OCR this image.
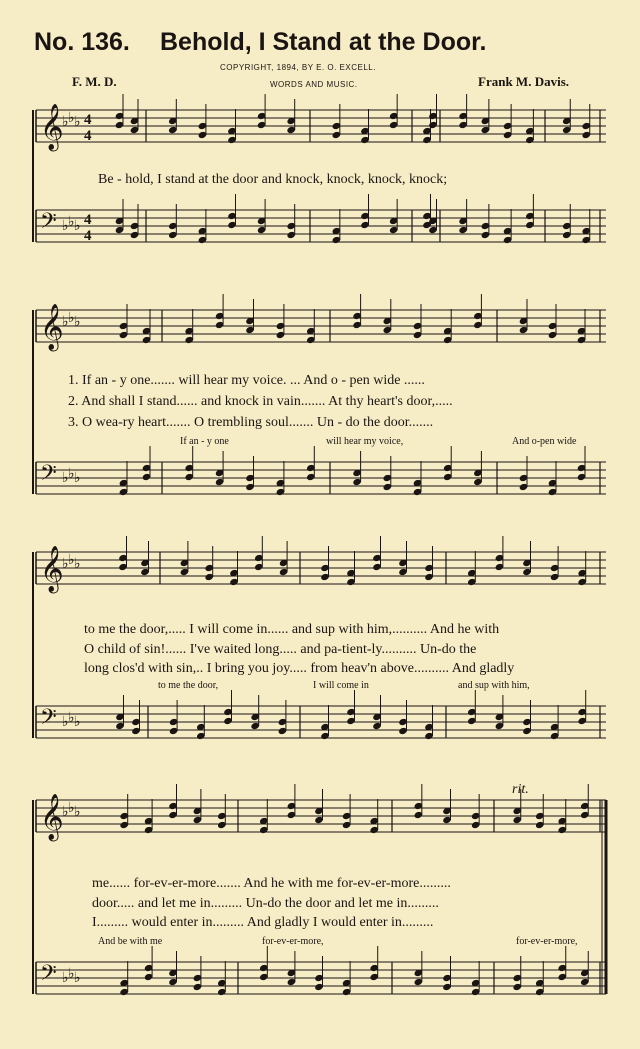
No. 136. Behold, I Stand at the Door.
COPYRIGHT, 1894, BY E. O. EXCELL.
WORDS AND MUSIC.
F. M. D.	Frank M. Davis.
𝄞
♭ ♭ ♭ 4
4
𝄢 ♭ ♭ ♭ 4
4
𝄞
♭ ♭ ♭
𝄢 ♭ ♭ ♭
𝄞
♭ ♭ ♭
𝄢 ♭ ♭ ♭
𝄞
♭ ♭ ♭
𝄢 ♭ ♭ ♭
Be - hold, I stand at the door and knock, knock, knock, knock;
1. If an - y one....... will hear my voice. ... And o - pen wide ......
2. And shall I stand...... and knock in vain....... At thy heart's door,.....
3. O wea-ry heart....... O trembling soul....... Un - do the door.......
If an - y one	will hear my voice,	And o-pen wide
to me the door,..... I will come in...... and sup with him,.......... And he with
O child of sin!...... I've waited long..... and pa-tient-ly.......... Un-do the
long clos'd with sin,.. I bring you joy..... from heav'n above.......... And gladly
to me the door,	I will come in	and sup with him,
rit.
me...... for-ev-er-more....... And he with me for-ev-er-more.........
door..... and let me in......... Un-do the door and let me in.........
I......... would enter in......... And gladly I would enter in.........
And be with me	for-ev-er-more,	for-ev-er-more,
